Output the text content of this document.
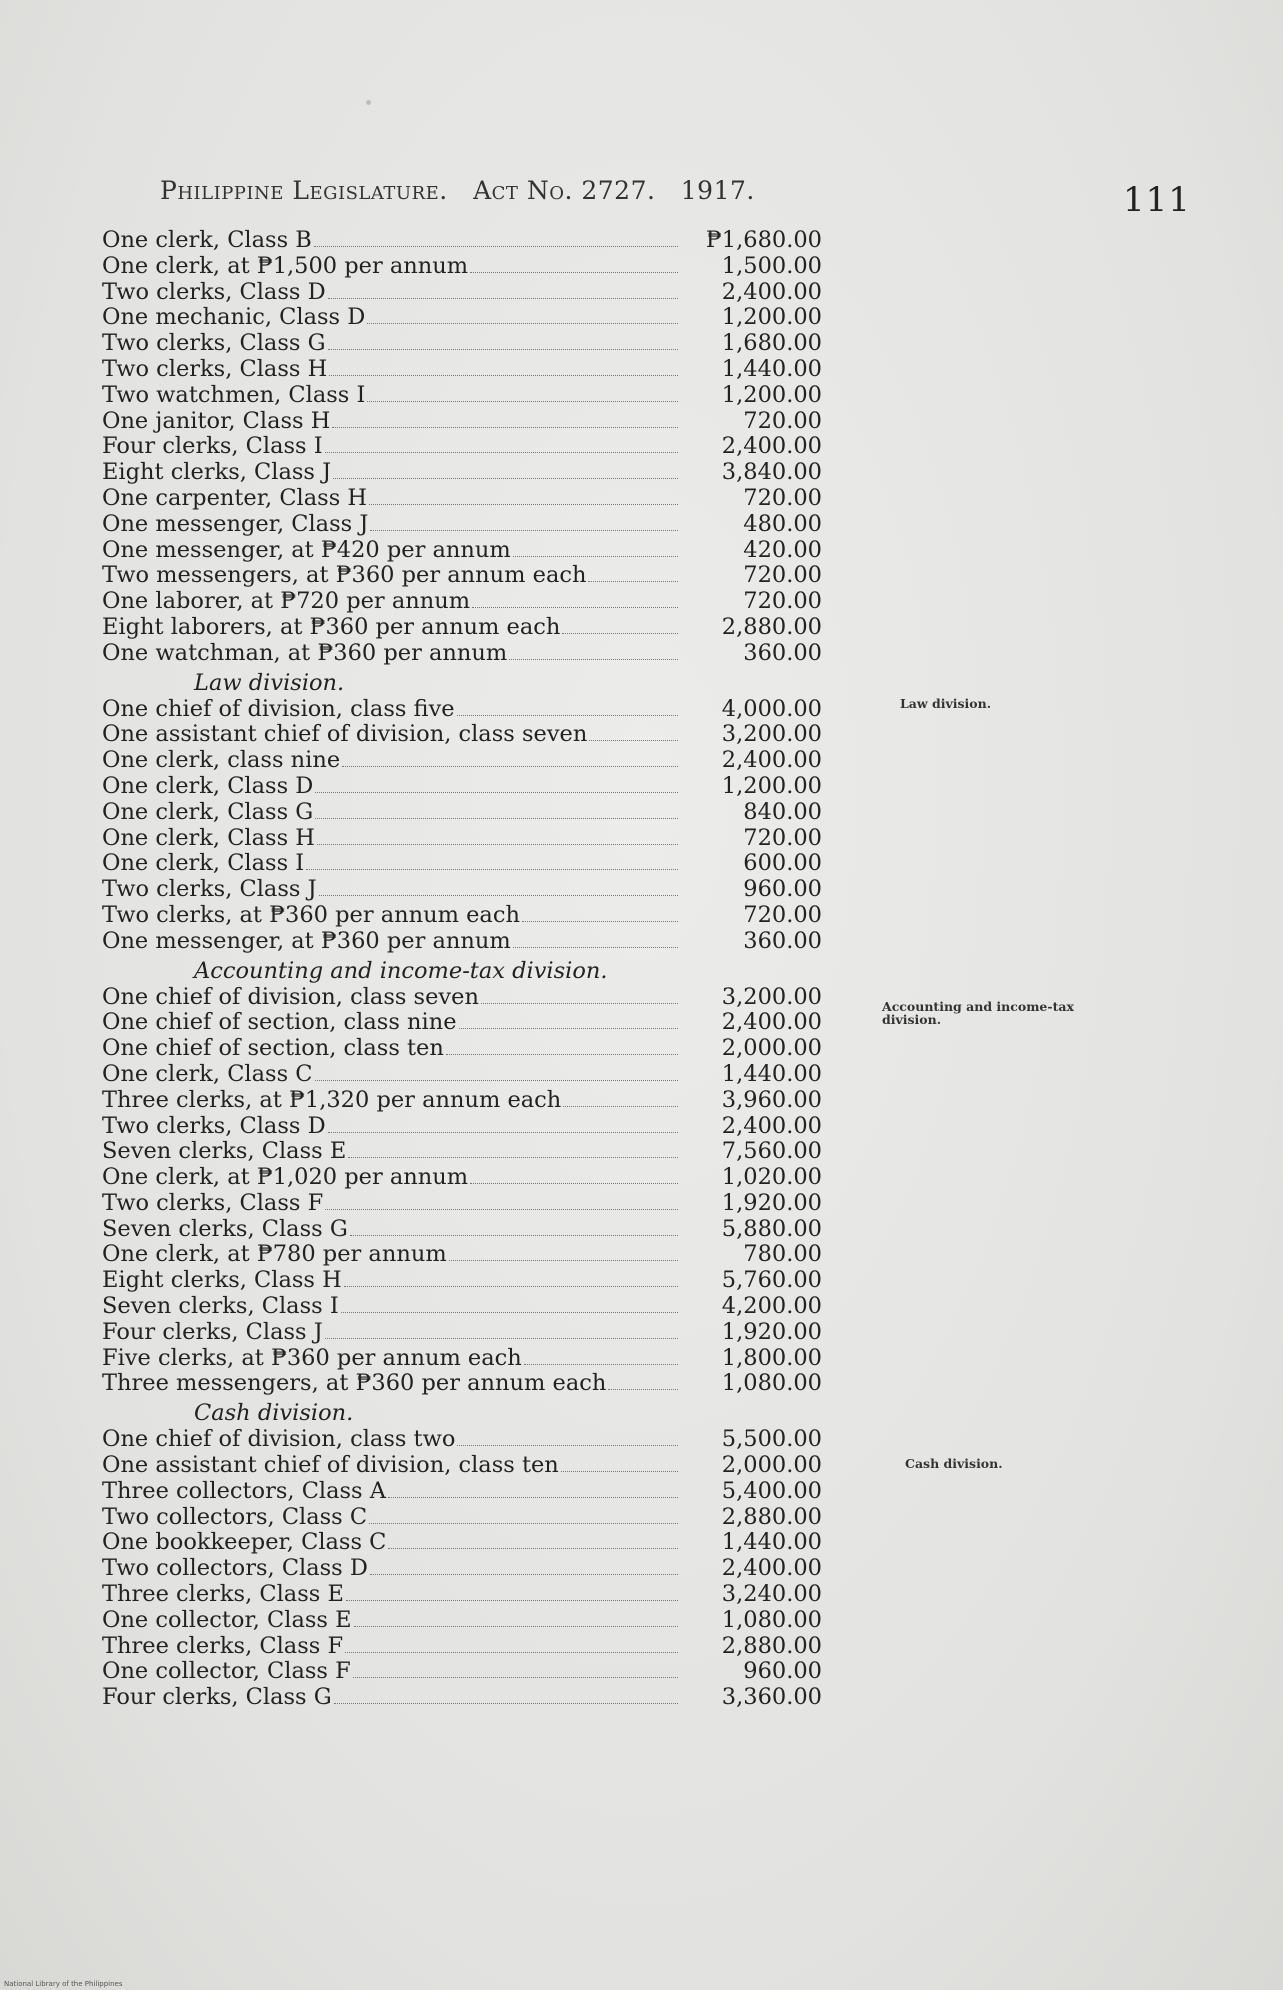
Philippine Legislature. Act No. 2727. 1917.	111
One clerk, Class B	₱1,680.00
One clerk, at ₱1,500 per annum	1,500.00
Two clerks, Class D	2,400.00
One mechanic, Class D	1,200.00
Two clerks, Class G	1,680.00
Two clerks, Class H	1,440.00
Two watchmen, Class I	1,200.00
One janitor, Class H	720.00
Four clerks, Class I	2,400.00
Eight clerks, Class J	3,840.00
One carpenter, Class H	720.00
One messenger, Class J	480.00
One messenger, at ₱420 per annum	420.00
Two messengers, at ₱360 per annum each	720.00
One laborer, at ₱720 per annum	720.00
Eight laborers, at ₱360 per annum each	2,880.00
One watchman, at ₱360 per annum	360.00
Law division.
One chief of division, class five	4,000.00
One assistant chief of division, class seven	3,200.00
One clerk, class nine	2,400.00
One clerk, Class D	1,200.00
One clerk, Class G	840.00
One clerk, Class H	720.00
One clerk, Class I	600.00
Two clerks, Class J	960.00
Two clerks, at ₱360 per annum each	720.00
One messenger, at ₱360 per annum	360.00
Accounting and income-tax division.
One chief of division, class seven	3,200.00
One chief of section, class nine	2,400.00
One chief of section, class ten	2,000.00
One clerk, Class C	1,440.00
Three clerks, at ₱1,320 per annum each	3,960.00
Two clerks, Class D	2,400.00
Seven clerks, Class E	7,560.00
One clerk, at ₱1,020 per annum	1,020.00
Two clerks, Class F	1,920.00
Seven clerks, Class G	5,880.00
One clerk, at ₱780 per annum	780.00
Eight clerks, Class H	5,760.00
Seven clerks, Class I	4,200.00
Four clerks, Class J	1,920.00
Five clerks, at ₱360 per annum each	1,800.00
Three messengers, at ₱360 per annum each	1,080.00
Cash division.
One chief of division, class two	5,500.00
One assistant chief of division, class ten	2,000.00
Three collectors, Class A	5,400.00
Two collectors, Class C	2,880.00
One bookkeeper, Class C	1,440.00
Two collectors, Class D	2,400.00
Three clerks, Class E	3,240.00
One collector, Class E	1,080.00
Three clerks, Class F	2,880.00
One collector, Class F	960.00
Four clerks, Class G	3,360.00
Law division.
Accounting and income-tax division.
Cash division.
National Library of the Philippines
